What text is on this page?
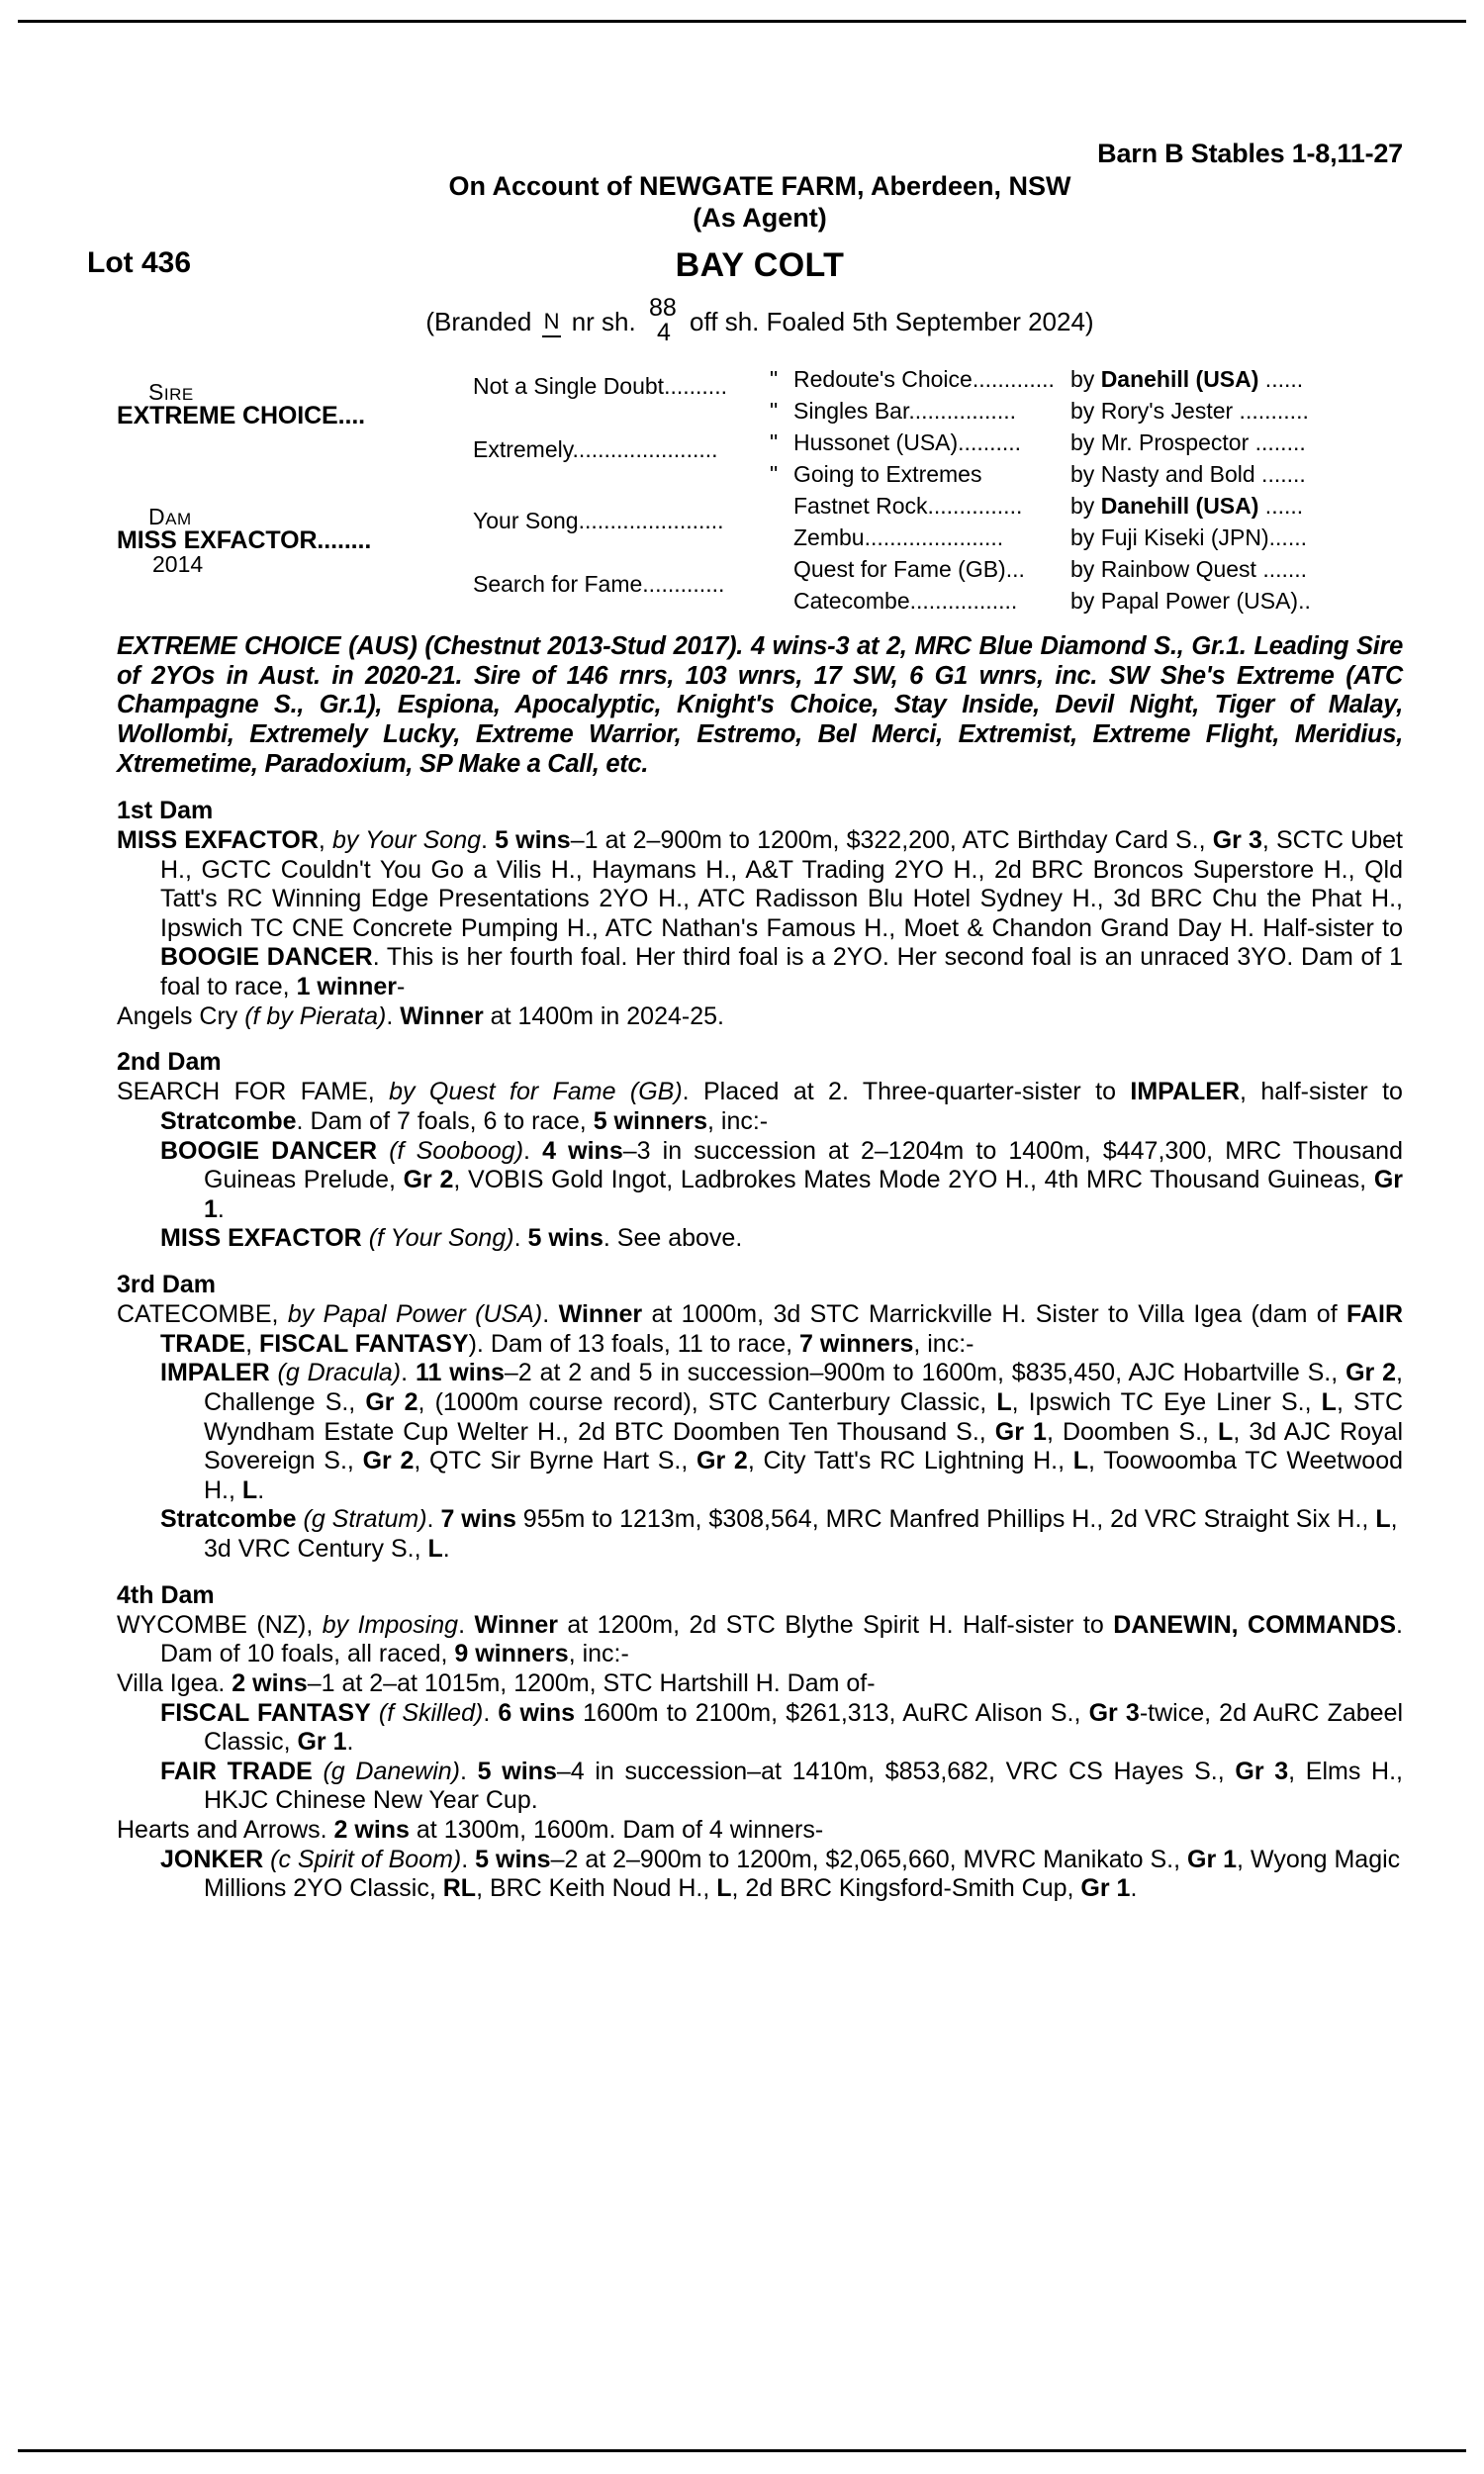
Barn B Stables 1-8,11-27
On Account of NEWGATE FARM, Aberdeen, NSW
(As Agent)
Lot 436	BAY COLT
(Branded N nr sh. 88
4 off sh. Foaled 5th September 2024)
SIRE
EXTREME CHOICE....
DAM
MISS EXFACTOR........
2014
Not a Single Doubt..........
Extremely.......................
Your Song.......................
Search for Fame.............
"
"
"
"
Redoute's Choice.............
Singles Bar.................
Hussonet (USA)..........
Going to Extremes
Fastnet Rock...............
Zembu......................
Quest for Fame (GB)...
Catecombe.................
by Danehill (USA) ......
by Rory's Jester ...........
by Mr. Prospector ........
by Nasty and Bold .......
by Danehill (USA) ......
by Fuji Kiseki (JPN)......
by Rainbow Quest .......
by Papal Power (USA)..
EXTREME CHOICE (AUS) (Chestnut 2013-Stud 2017). 4 wins-3 at 2, MRC Blue Diamond S., Gr.1. Leading Sire of 2YOs in Aust. in 2020-21. Sire of 146 rnrs, 103 wnrs, 17 SW, 6 G1 wnrs, inc. SW She's Extreme (ATC Champagne S., Gr.1), Espiona, Apocalyptic, Knight's Choice, Stay Inside, Devil Night, Tiger of Malay, Wollombi, Extremely Lucky, Extreme Warrior, Estremo, Bel Merci, Extremist, Extreme Flight, Meridius, Xtremetime, Paradoxium, SP Make a Call, etc.
1st Dam

MISS EXFACTOR, by Your Song. 5 wins–1 at 2–900m to 1200m, $322,200, ATC Birthday Card S., Gr 3, SCTC Ubet H., GCTC Couldn't You Go a Vilis H., Haymans H., A&T Trading 2YO H., 2d BRC Broncos Superstore H., Qld Tatt's RC Winning Edge Presentations 2YO H., ATC Radisson Blu Hotel Sydney H., 3d BRC Chu the Phat H., Ipswich TC CNE Concrete Pumping H., ATC Nathan's Famous H., Moet & Chandon Grand Day H. Half-sister to BOOGIE DANCER. This is her fourth foal. Her third foal is a 2YO. Her second foal is an unraced 3YO. Dam of 1 foal to race, 1 winner-

Angels Cry (f by Pierata). Winner at 1400m in 2024-25.

2nd Dam

SEARCH FOR FAME, by Quest for Fame (GB). Placed at 2. Three-quarter-sister to IMPALER, half-sister to Stratcombe. Dam of 7 foals, 6 to race, 5 winners, inc:-

BOOGIE DANCER (f Sooboog). 4 wins–3 in succession at 2–1204m to 1400m, $447,300, MRC Thousand Guineas Prelude, Gr 2, VOBIS Gold Ingot, Ladbrokes Mates Mode 2YO H., 4th MRC Thousand Guineas, Gr 1.

MISS EXFACTOR (f Your Song). 5 wins. See above.

3rd Dam

CATECOMBE, by Papal Power (USA). Winner at 1000m, 3d STC Marrickville H. Sister to Villa Igea (dam of FAIR TRADE, FISCAL FANTASY). Dam of 13 foals, 11 to race, 7 winners, inc:-

IMPALER (g Dracula). 11 wins–2 at 2 and 5 in succession–900m to 1600m, $835,450, AJC Hobartville S., Gr 2, Challenge S., Gr 2, (1000m course record), STC Canterbury Classic, L, Ipswich TC Eye Liner S., L, STC Wyndham Estate Cup Welter H., 2d BTC Doomben Ten Thousand S., Gr 1, Doomben S., L, 3d AJC Royal Sovereign S., Gr 2, QTC Sir Byrne Hart S., Gr 2, City Tatt's RC Lightning H., L, Toowoomba TC Weetwood H., L.

Stratcombe (g Stratum). 7 wins 955m to 1213m, $308,564, MRC Manfred Phillips H., 2d VRC Straight Six H., L, 3d VRC Century S., L.

4th Dam

WYCOMBE (NZ), by Imposing. Winner at 1200m, 2d STC Blythe Spirit H. Half-sister to DANEWIN, COMMANDS. Dam of 10 foals, all raced, 9 winners, inc:-

Villa Igea. 2 wins–1 at 2–at 1015m, 1200m, STC Hartshill H. Dam of-

FISCAL FANTASY (f Skilled). 6 wins 1600m to 2100m, $261,313, AuRC Alison S., Gr 3-twice, 2d AuRC Zabeel Classic, Gr 1.

FAIR TRADE (g Danewin). 5 wins–4 in succession–at 1410m, $853,682, VRC CS Hayes S., Gr 3, Elms H., HKJC Chinese New Year Cup.

Hearts and Arrows. 2 wins at 1300m, 1600m. Dam of 4 winners-

JONKER (c Spirit of Boom). 5 wins–2 at 2–900m to 1200m, $2,065,660, MVRC Manikato S., Gr 1, Wyong Magic Millions 2YO Classic, RL, BRC Keith Noud H., L, 2d BRC Kingsford-Smith Cup, Gr 1.
